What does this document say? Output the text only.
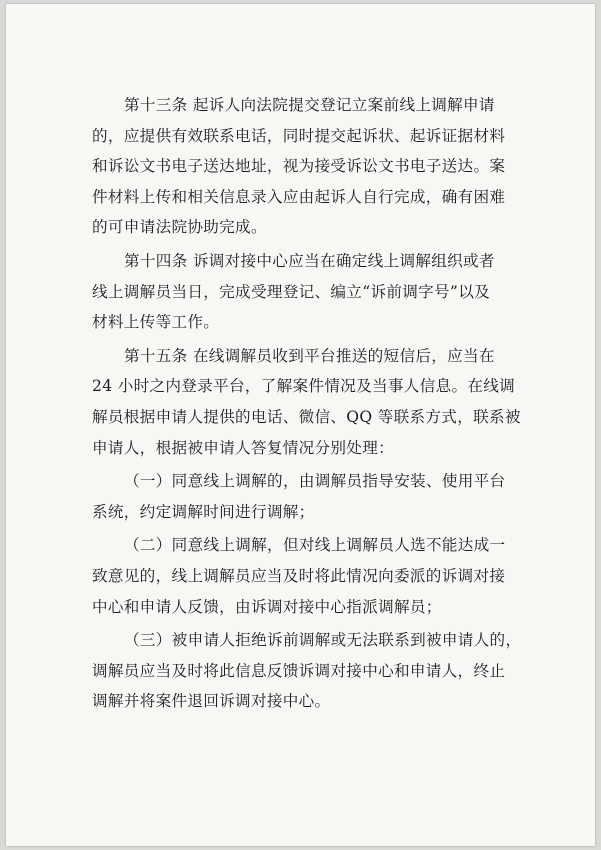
第十三条 起诉人向法院提交登记立案前线上调解申请
的，应提供有效联系电话，同时提交起诉状、起诉证据材料
和诉讼文书电子送达地址，视为接受诉讼文书电子送达。案
件材料上传和相关信息录入应由起诉人自行完成，确有困难
的可申请法院协助完成。
第十四条 诉调对接中心应当在确定线上调解组织或者
线上调解员当日，完成受理登记、编立“诉前调字号”以及
材料上传等工作。
第十五条 在线调解员收到平台推送的短信后，应当在
24 小时之内登录平台，了解案件情况及当事人信息。在线调
解员根据申请人提供的电话、微信、QQ 等联系方式，联系被
申请人，根据被申请人答复情况分别处理：
（一）同意线上调解的，由调解员指导安装、使用平台
系统，约定调解时间进行调解；
（二）同意线上调解，但对线上调解员人选不能达成一
致意见的，线上调解员应当及时将此情况向委派的诉调对接
中心和申请人反馈，由诉调对接中心指派调解员；
（三）被申请人拒绝诉前调解或无法联系到被申请人的，
调解员应当及时将此信息反馈诉调对接中心和申请人，终止
调解并将案件退回诉调对接中心。
